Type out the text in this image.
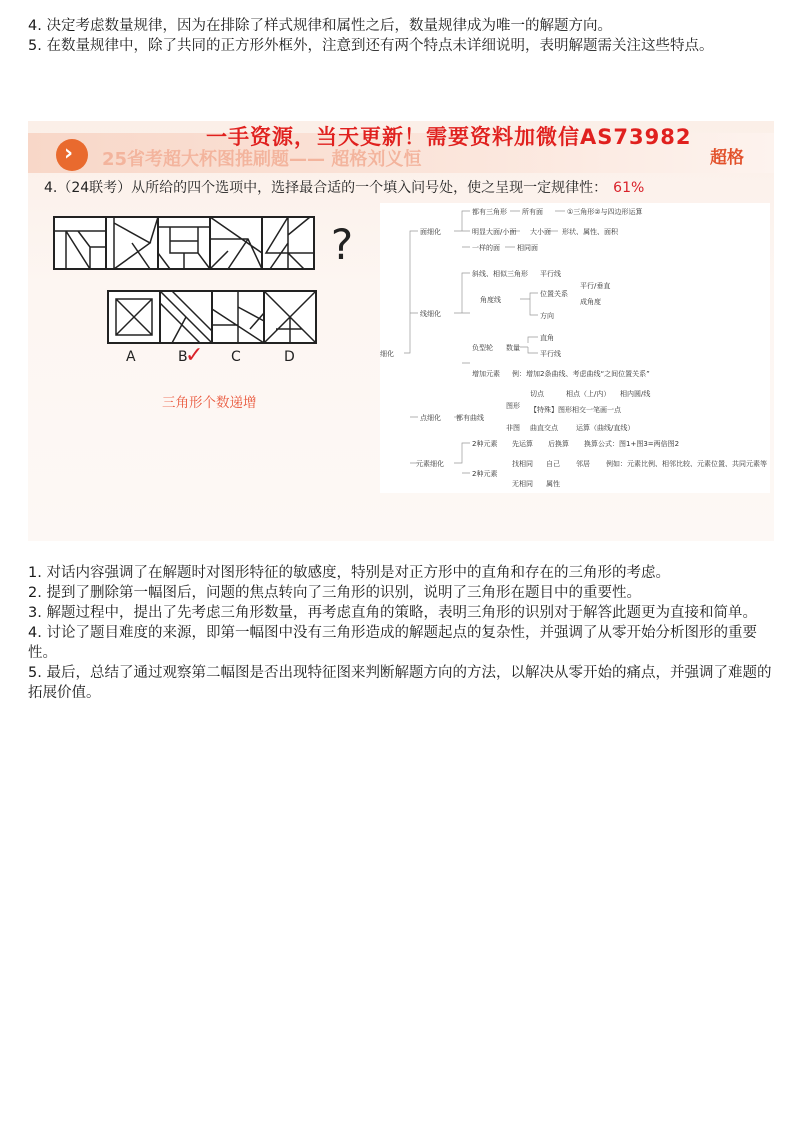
4. 决定考虑数量规律，因为在排除了样式规律和属性之后，数量规律成为唯一的解题方向。

5. 在数量规律中，除了共同的正方形外框外，注意到还有两个特点未详细说明，表明解题需关注这些特点。

› 25省考超大杯图推刷题—— 超格刘义恒	超格
一手资源，当天更新！需要资料加微信AS73982
4.（24联考）从所给的四个选项中，选择最合适的一个填入问号处，使之呈现一定规律性： 61%
?
A	B	C	D
✓
三角形个数递增
细化
面细化
都有三角形 所有面	①三角形②与四边形运算
明显大面/小面 大小面 形状、属性、面积
一样的面 相同面
线细化
斜线、相似三角形 平行线
角度线
位置关系
平行/垂直
成角度
方向
负型轮 数量
直角
平行线
增加元素 例：增加2条曲线、考虑曲线“之间位置关系”
点细化 都有曲线
图形
切点	相点（上/内） 相内圆/线
【特殊】图形相交一笔画一点
非图 曲直交点	运算（曲线/直线）
元素细化
2种元素 先运算 后换算 换算公式：图1+图3=两倍图2
2种元素
找相同 自己 邻居 例如：元素比例、相邻比较、元素位置、共同元素等
无相同 属性

1. 对话内容强调了在解题时对图形特征的敏感度，特别是对正方形中的直角和存在的三角形的考虑。

2. 提到了删除第一幅图后，问题的焦点转向了三角形的识别，说明了三角形在题目中的重要性。

3. 解题过程中，提出了先考虑三角形数量，再考虑直角的策略，表明三角形的识别对于解答此题更为直接和简单。

4. 讨论了题目难度的来源，即第一幅图中没有三角形造成的解题起点的复杂性，并强调了从零开始分析图形的重要性。

5. 最后，总结了通过观察第二幅图是否出现特征图来判断解题方向的方法，以解决从零开始的痛点，并强调了难题的拓展价值。
